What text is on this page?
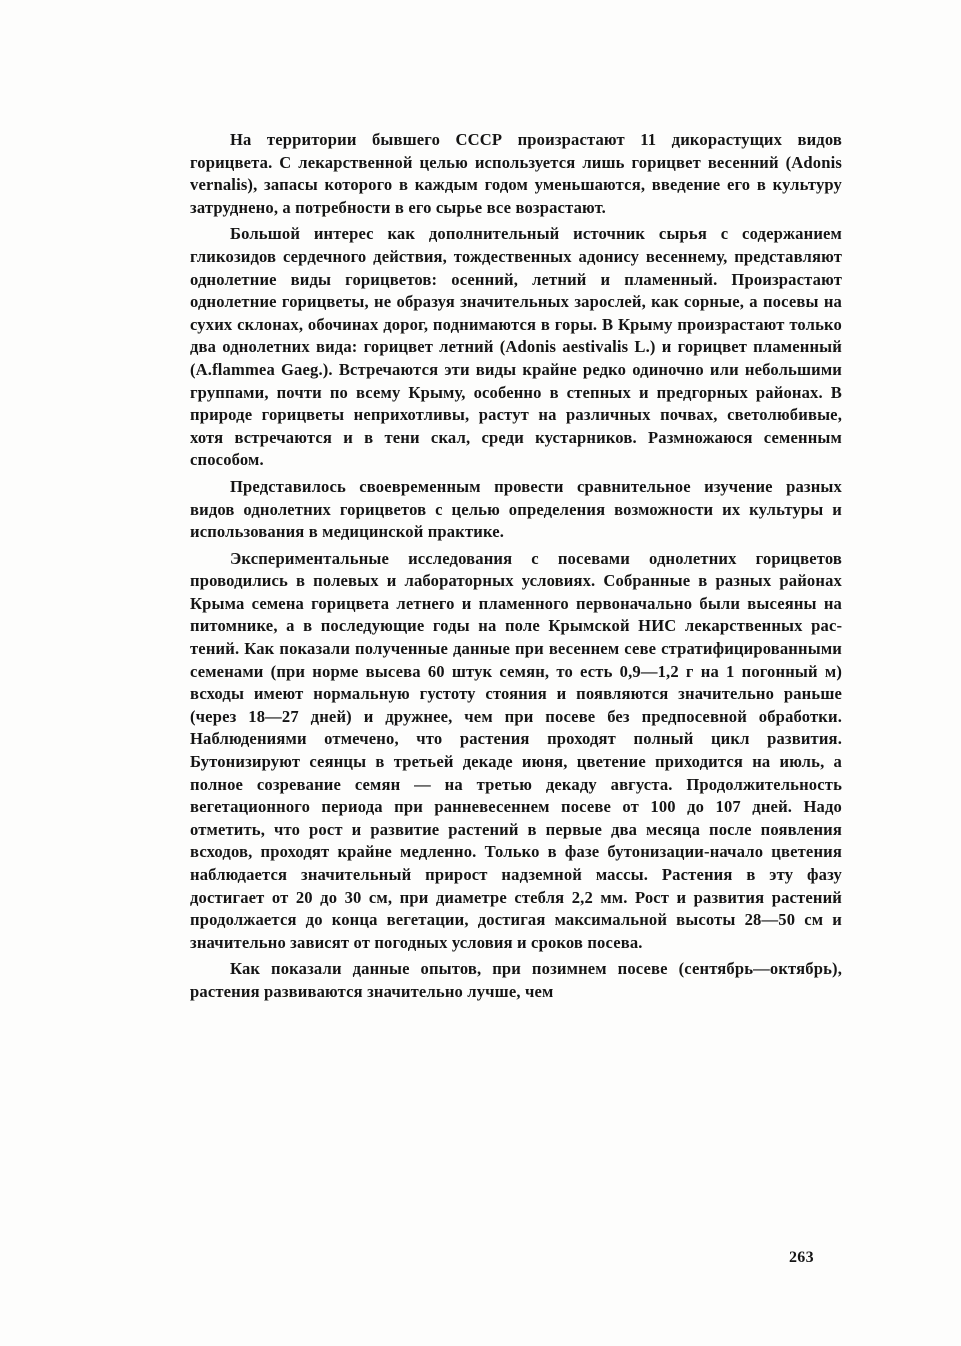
На территории бывшего СССР произрастают 11 дикорастущих видов горицвета. С лекарственной целью используется лишь горицвет весенний (Adonis vernalis), запасы которого в каждым годом уменьшаются, введение его в культуру затруднено, а потребности в его сырье все возрастают.

Большой интерес как дополнительный источник сырья с содержанием гликозидов сердечного действия, тождественных адонису весеннему, представляют однолетние виды горицветов: осенний, летний и пламенный. Произрастают однолетние горицветы, не образуя значительных зарослей, как сорные, а посевы на сухих склонах, обочинах дорог, поднимаются в горы. В Крыму произрастают только два однолетних вида: горицвет летний (Adonis aestivalis L.) и горицвет пламенный (A.flammea Gaeg.). Встречаются эти виды крайне редко одиночно или небольшими группами, почти по всему Крыму, особенно в степных и предгорных районах. В природе горицветы неприхотливы, растут на различных почвах, светолюбивые, хотя встречаются и в тени скал, среди кустарников. Размножаюся семенным способом.

Представилось своевременным провести сравнительное изучение разных видов однолетних горицветов с целью определения возможности их культуры и использования в медицинской практике.

Экспериментальные исследования с посевами однолетних горицветов проводились в полевых и лабораторных условиях. Собранные в разных районах Крыма семена горицвета летнего и пламенного первоначально были высеяны на питомнике, а в последующие годы на поле Крымской НИС лекарственных растений. Как показали полученные данные при весеннем севе стратифицированными семенами (при норме высева 60 штук семян, то есть 0,9—1,2 г на 1 погонный м) всходы имеют нормальную густоту стояния и появляются значительно раньше (через 18—27 дней) и дружнее, чем при посеве без предпосевной обработки. Наблюдениями отмечено, что растения проходят полный цикл развития. Бутонизируют сеянцы в третьей декаде июня, цветение приходится на июль, а полное созревание семян — на третью декаду августа. Продолжительность вегетационного периода при ранневесеннем посеве от 100 до 107 дней. Надо отметить, что рост и развитие растений в первые два месяца после появления всходов, проходят крайне медленно. Только в фазе бутонизации-начало цветения наблюдается значительный прирост надземной массы. Растения в эту фазу достигает от 20 до 30 см, при диаметре стебля 2,2 мм. Рост и развития растений продолжается до конца вегетации, достигая максимальной высоты 28—50 см и значительно зависят от погодных условия и сроков посева.

Как показали данные опытов, при позимнем посеве (сентябрь—октябрь), растения развиваются значительно лучше, чем

263
